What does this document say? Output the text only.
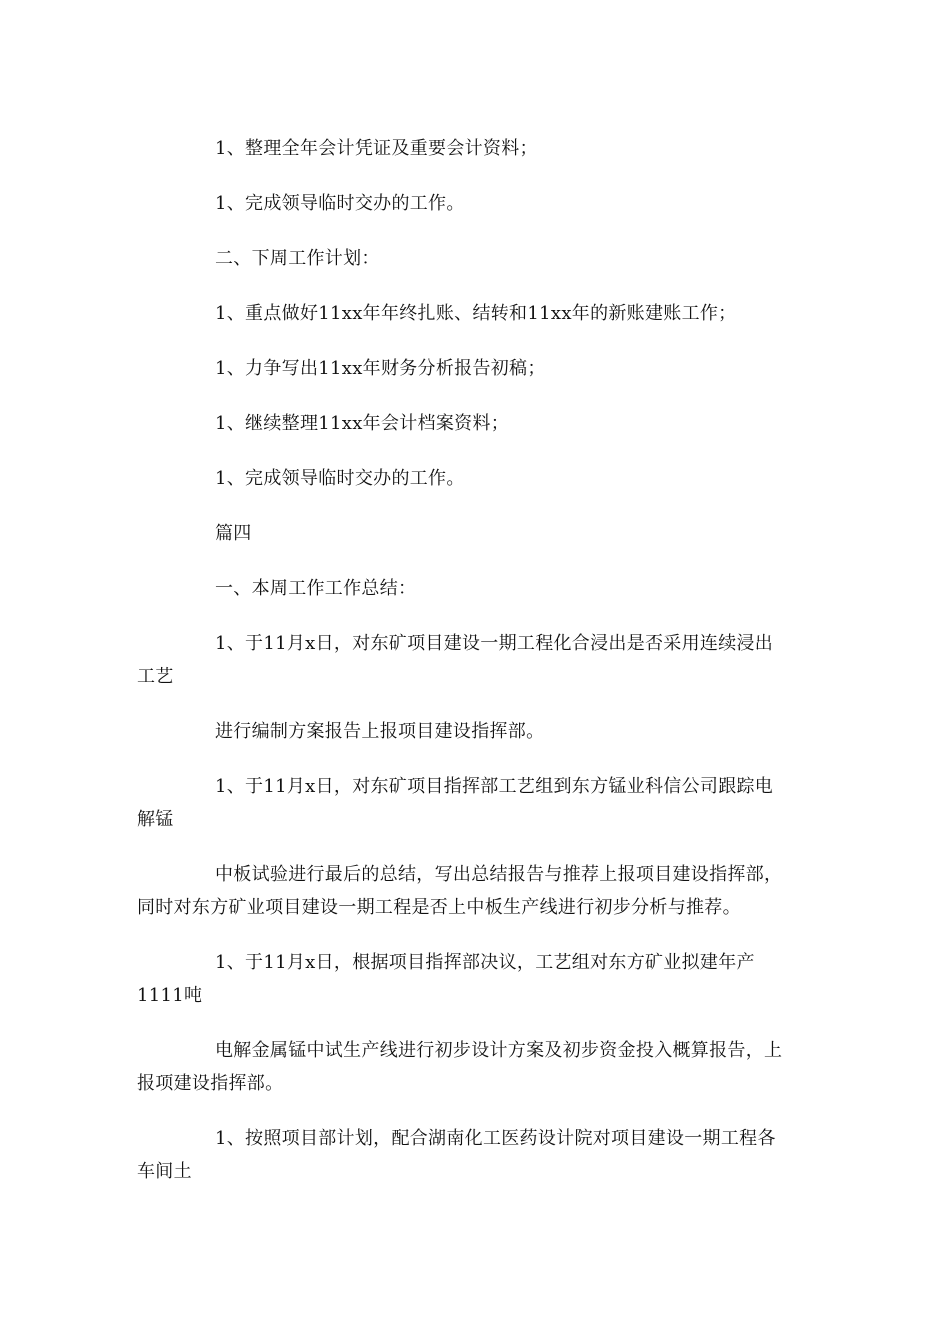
1、整理全年会计凭证及重要会计资料；
1、完成领导临时交办的工作。
二、下周工作计划：
1、重点做好11xx年年终扎账、结转和11xx年的新账建账工作；
1、力争写出11xx年财务分析报告初稿；
1、继续整理11xx年会计档案资料；
1、完成领导临时交办的工作。
篇四
一、本周工作工作总结：
1、于11月x日，对东矿项目建设一期工程化合浸出是否采用连续浸出
工艺
进行编制方案报告上报项目建设指挥部。
1、于11月x日，对东矿项目指挥部工艺组到东方锰业科信公司跟踪电
解锰
中板试验进行最后的总结，写出总结报告与推荐上报项目建设指挥部，
同时对东方矿业项目建设一期工程是否上中板生产线进行初步分析与推荐。
1、于11月x日，根据项目指挥部决议，工艺组对东方矿业拟建年产
1111吨
电解金属锰中试生产线进行初步设计方案及初步资金投入概算报告，上
报项建设指挥部。
1、按照项目部计划，配合湖南化工医药设计院对项目建设一期工程各
车间土
